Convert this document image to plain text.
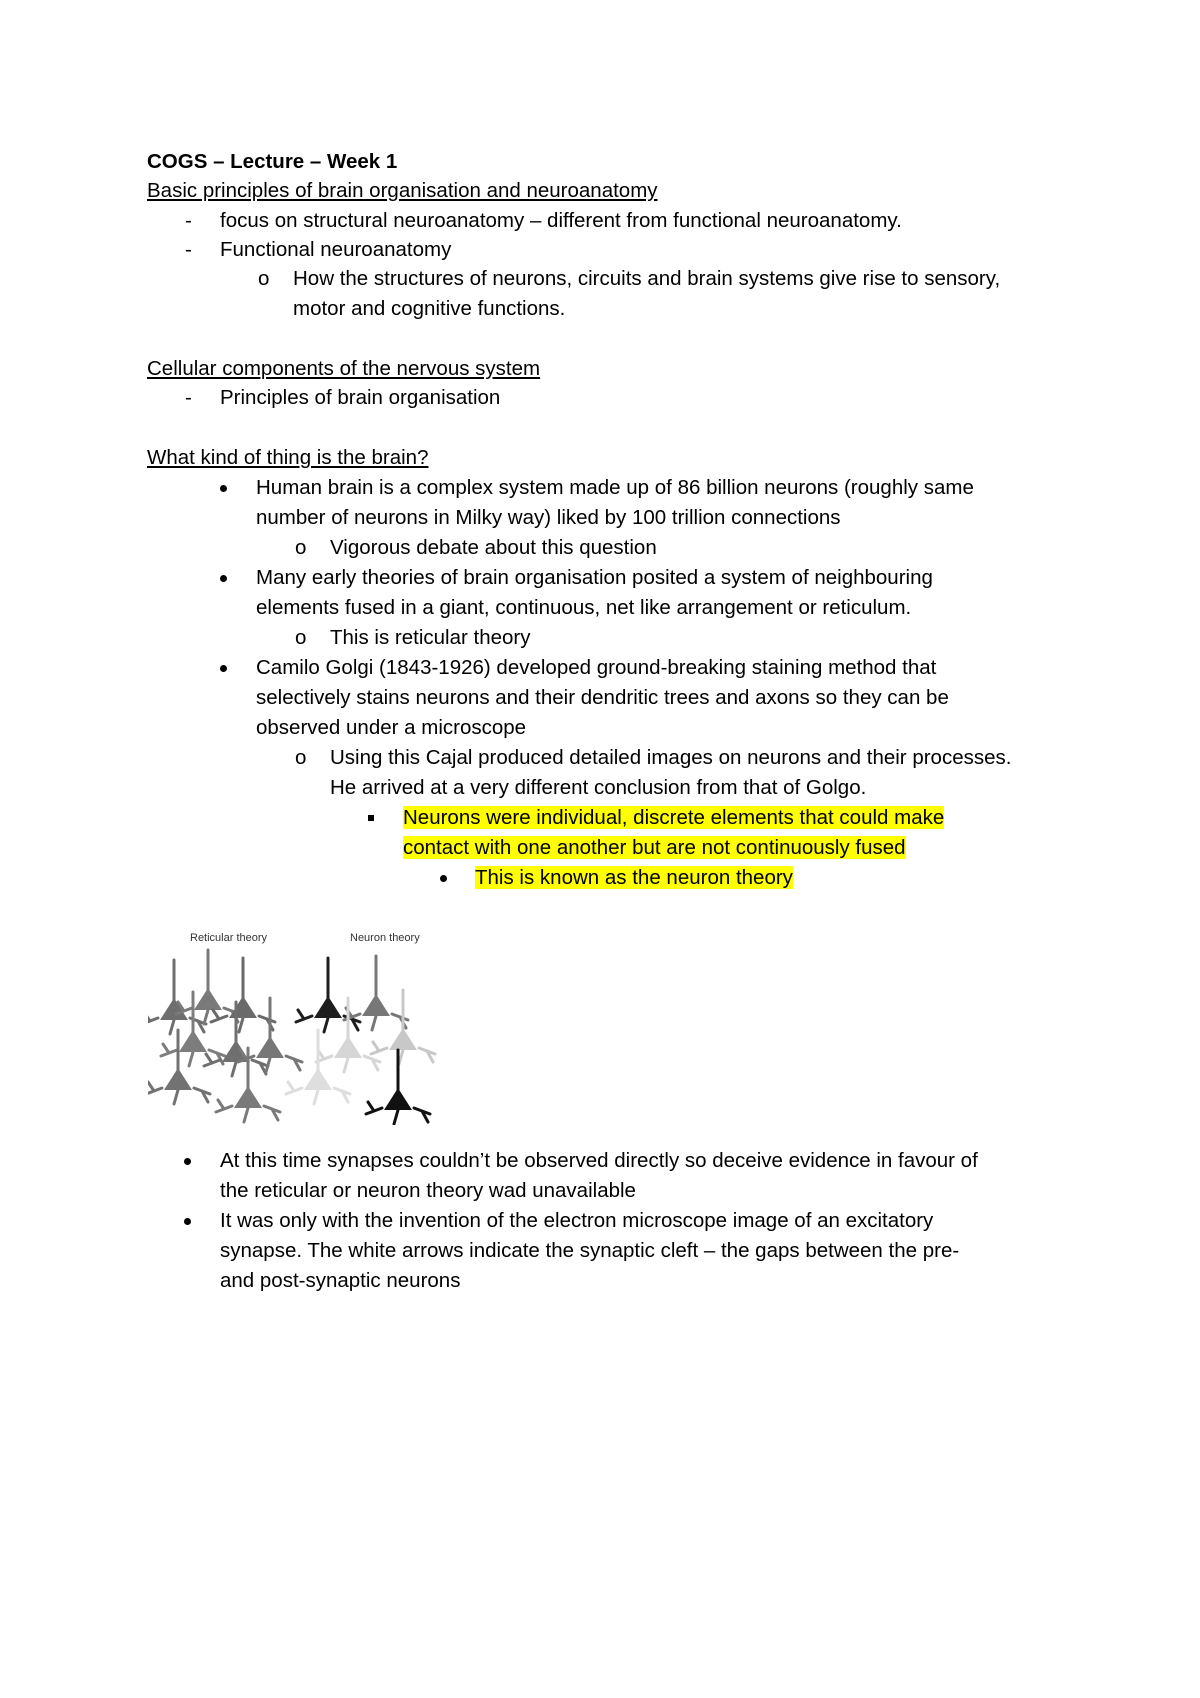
COGS – Lecture – Week 1
Basic principles of brain organisation and neuroanatomy
- focus on structural neuroanatomy – different from functional neuroanatomy.
- Functional neuroanatomy
o How the structures of neurons, circuits and brain systems give rise to sensory,
motor and cognitive functions.
Cellular components of the nervous system
- Principles of brain organisation
What kind of thing is the brain?
Human brain is a complex system made up of 86 billion neurons (roughly same
number of neurons in Milky way) liked by 100 trillion connections
o Vigorous debate about this question
Many early theories of brain organisation posited a system of neighbouring
elements fused in a giant, continuous, net like arrangement or reticulum.
o This is reticular theory
Camilo Golgi (1843-1926) developed ground-breaking staining method that
selectively stains neurons and their dendritic trees and axons so they can be
observed under a microscope
o Using this Cajal produced detailed images on neurons and their processes.
He arrived at a very different conclusion from that of Golgo.
Neurons were individual, discrete elements that could make
contact with one another but are not continuously fused
This is known as the neuron theory
Reticular theory	Neuron theory
At this time synapses couldn’t be observed directly so deceive evidence in favour of
the reticular or neuron theory wad unavailable
It was only with the invention of the electron microscope image of an excitatory
synapse. The white arrows indicate the synaptic cleft – the gaps between the pre-
and post-synaptic neurons
